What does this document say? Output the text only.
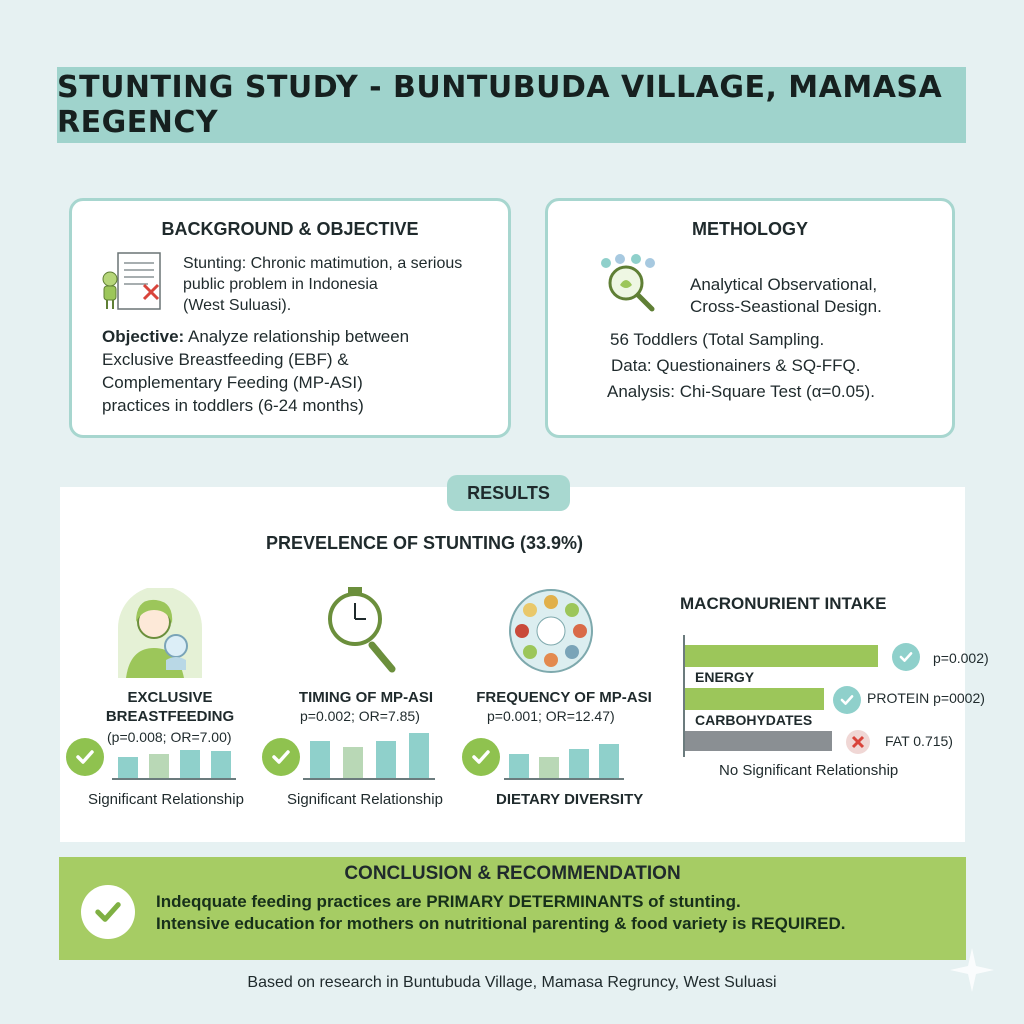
STUNTING STUDY - BUNTUBUDA VILLAGE, MAMASA REGENCY
BACKGROUND & OBJECTIVE
Stunting: Chronic matimution, a serious
public problem in Indonesia
(West Suluasi).
Objective: Analyze relationship between
Exclusive Breastfeeding (EBF) &
Complementary Feeding (MP-ASI)
practices in toddlers (6-24 months)
METHOLOGY
Analytical Observational,
Cross-Seastional Design.
56 Toddlers (Total Sampling.
Data: Questionainers & SQ-FFQ.
Analysis: Chi-Square Test (α=0.05).
RESULTS
PREVELENCE OF STUNTING (33.9%)
EXCLUSIVE
BREASTFEEDING
(p=0.008; OR=7.00)
Significant Relationship
TIMING OF MP-ASI
p=0.002; OR=7.85)
Significant Relationship
FREQUENCY OF MP-ASI
p=0.001; OR=12.47)
DIETARY DIVERSITY
MACRONURIENT INTAKE
ENERGY
p=0.002)
PROTEIN p=0002)
CARBOHYDATES
FAT 0.715)
No Significant Relationship
CONCLUSION & RECOMMENDATION
Indeqquate feeding practices are PRIMARY DETERMINANTS of stunting.
Intensive education for mothers on nutritional parenting & food variety is REQUIRED.
Based on research in Buntubuda Village, Mamasa Regruncy, West Suluasi
